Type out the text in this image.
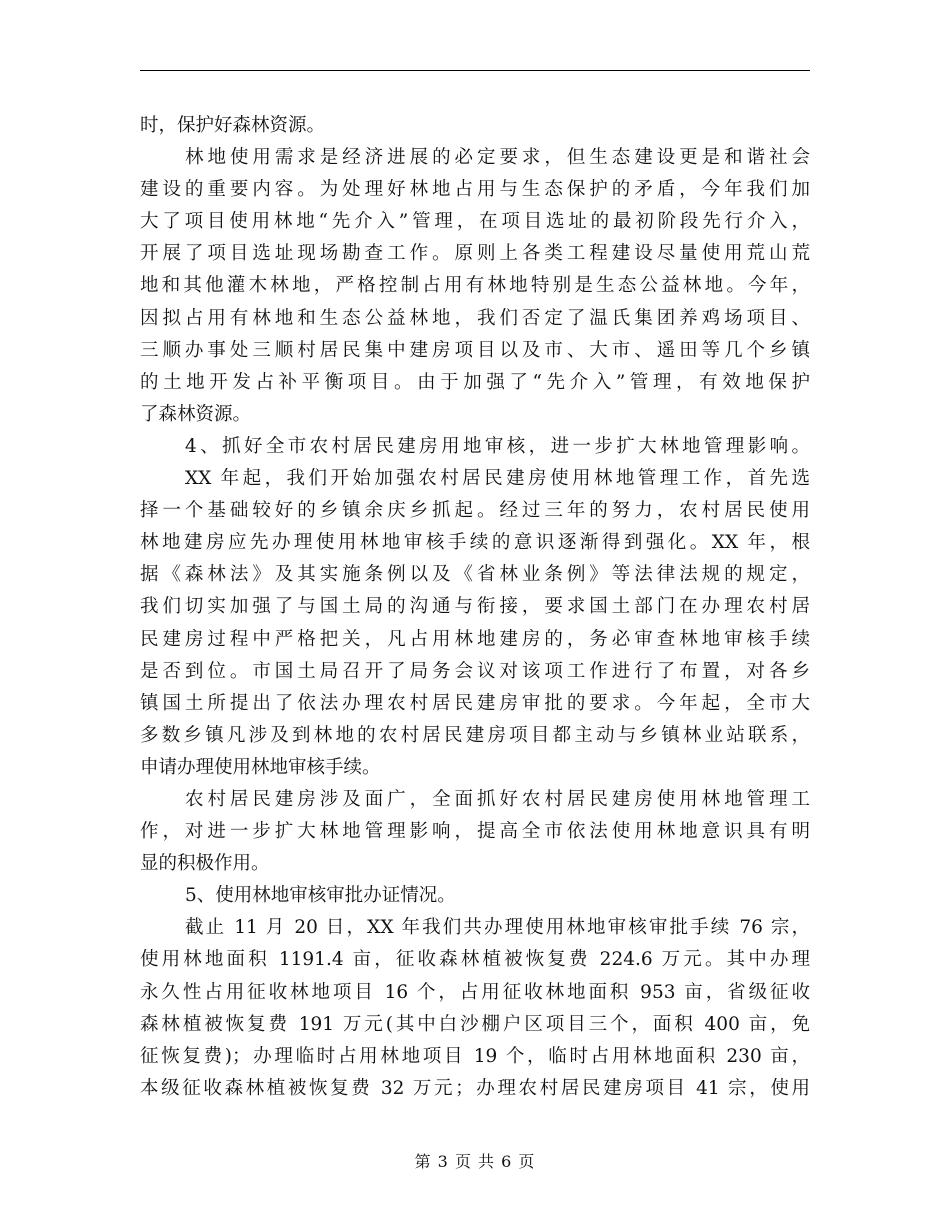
时，保护好森林资源。
林地使用需求是经济进展的必定要求，但生态建设更是和谐社会
建设的重要内容。为处理好林地占用与生态保护的矛盾，今年我们加
大了项目使用林地“先介入”管理，在项目选址的最初阶段先行介入，
开展了项目选址现场勘查工作。原则上各类工程建设尽量使用荒山荒
地和其他灌木林地，严格控制占用有林地特别是生态公益林地。今年，
因拟占用有林地和生态公益林地，我们否定了温氏集团养鸡场项目、
三顺办事处三顺村居民集中建房项目以及市、大市、遥田等几个乡镇
的土地开发占补平衡项目。由于加强了“先介入”管理，有效地保护
了森林资源。
4、抓好全市农村居民建房用地审核，进一步扩大林地管理影响。
XX 年起，我们开始加强农村居民建房使用林地管理工作，首先选
择一个基础较好的乡镇余庆乡抓起。经过三年的努力，农村居民使用
林地建房应先办理使用林地审核手续的意识逐渐得到强化。XX 年，根
据《森林法》及其实施条例以及《省林业条例》等法律法规的规定，
我们切实加强了与国土局的沟通与衔接，要求国土部门在办理农村居
民建房过程中严格把关，凡占用林地建房的，务必审查林地审核手续
是否到位。市国土局召开了局务会议对该项工作进行了布置，对各乡
镇国土所提出了依法办理农村居民建房审批的要求。今年起，全市大
多数乡镇凡涉及到林地的农村居民建房项目都主动与乡镇林业站联系，
申请办理使用林地审核手续。
农村居民建房涉及面广，全面抓好农村居民建房使用林地管理工
作，对进一步扩大林地管理影响，提高全市依法使用林地意识具有明
显的积极作用。
5、使用林地审核审批办证情况。
截止 11 月 20 日，XX 年我们共办理使用林地审核审批手续 76 宗，
使用林地面积 1191.4 亩，征收森林植被恢复费 224.6 万元。其中办理
永久性占用征收林地项目 16 个，占用征收林地面积 953 亩，省级征收
森林植被恢复费 191 万元(其中白沙棚户区项目三个，面积 400 亩，免
征恢复费)；办理临时占用林地项目 19 个，临时占用林地面积 230 亩，
本级征收森林植被恢复费 32 万元；办理农村居民建房项目 41 宗，使用
第 3 页 共 6 页
